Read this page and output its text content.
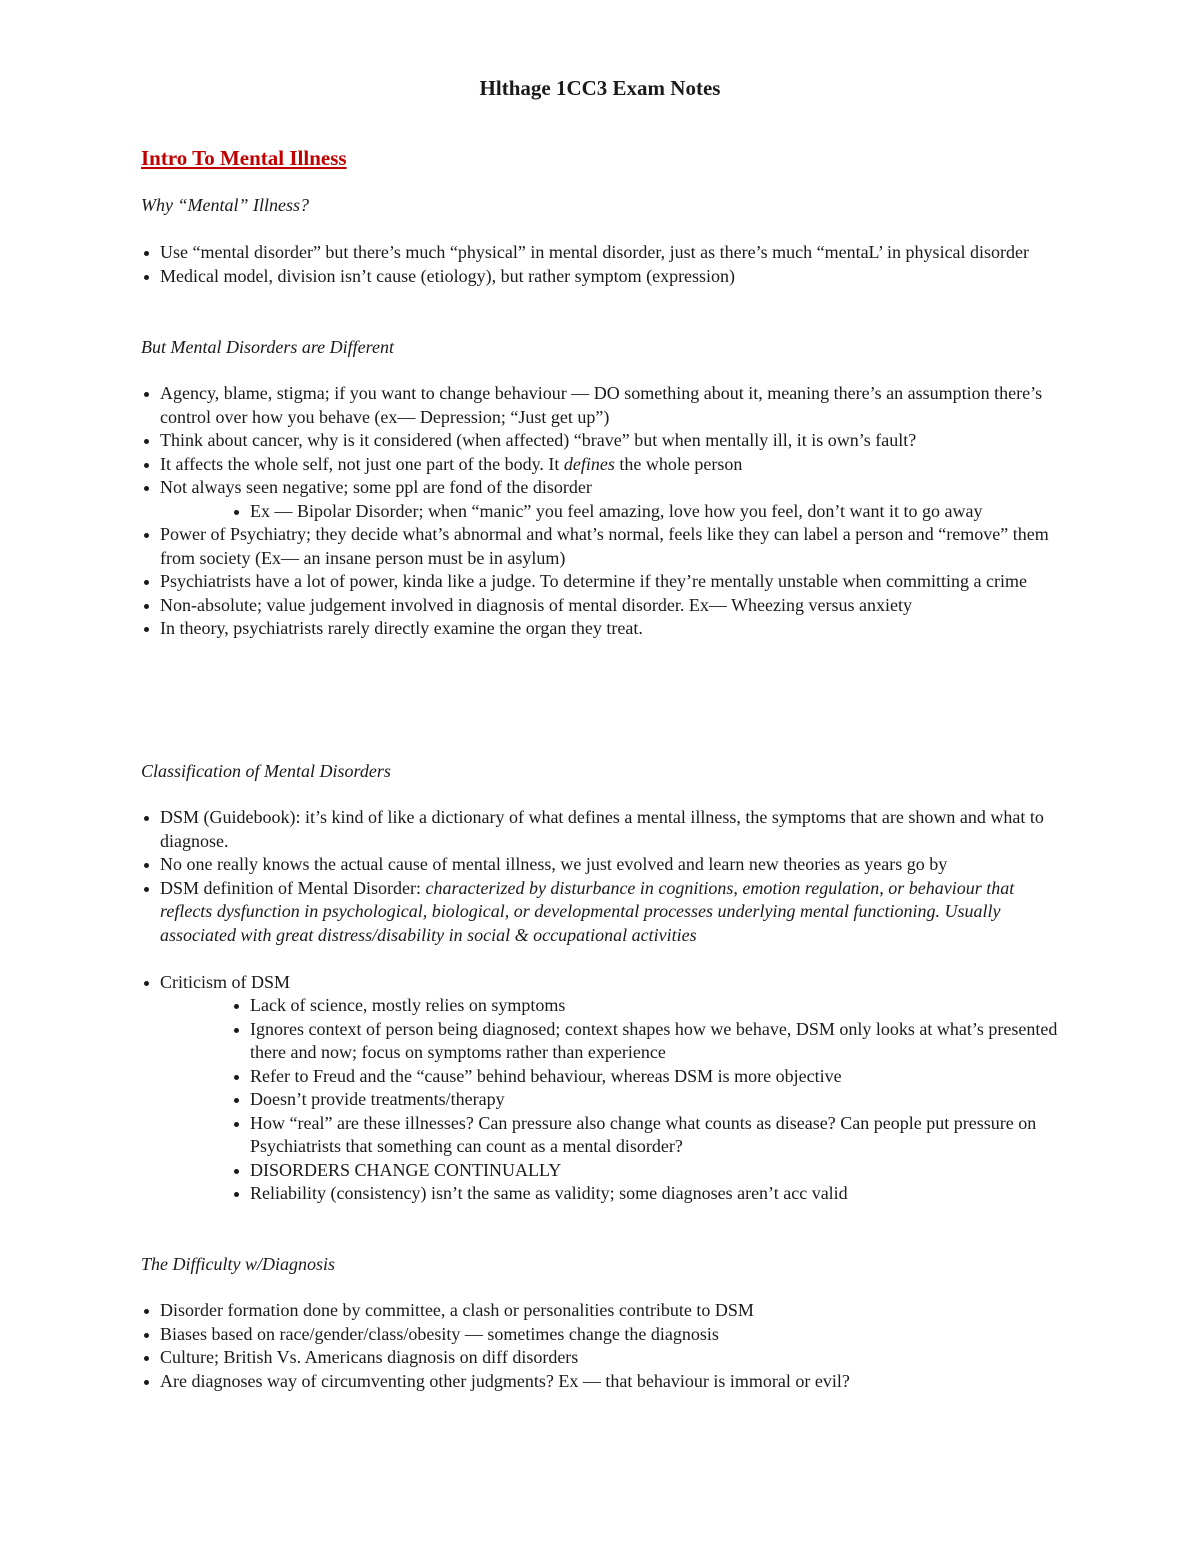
Hlthage 1CC3 Exam Notes
Intro To Mental Illness
Why “Mental” Illness?
Use “mental disorder” but there’s much “physical” in mental disorder, just as there’s much “mentaL’ in physical disorder
Medical model, division isn’t cause (etiology), but rather symptom (expression)
But Mental Disorders are Different
Agency, blame, stigma; if you want to change behaviour — DO something about it, meaning there’s an assumption there’s control over how you behave (ex— Depression; “Just get up”)
Think about cancer, why is it considered (when affected) “brave” but when mentally ill, it is own’s fault?
It affects the whole self, not just one part of the body. It defines the whole person
Not always seen negative; some ppl are fond of the disorder
Ex — Bipolar Disorder; when “manic” you feel amazing, love how you feel, don’t want it to go away
Power of Psychiatry; they decide what’s abnormal and what’s normal, feels like they can label a person and “remove” them from society (Ex— an insane person must be in asylum)
Psychiatrists have a lot of power, kinda like a judge. To determine if they’re mentally unstable when committing a crime
Non-absolute; value judgement involved in diagnosis of mental disorder. Ex— Wheezing versus anxiety
In theory, psychiatrists rarely directly examine the organ they treat.
Classification of Mental Disorders
DSM (Guidebook): it’s kind of like a dictionary of what defines a mental illness, the symptoms that are shown and what to diagnose.
No one really knows the actual cause of mental illness, we just evolved and learn new theories as years go by
DSM definition of Mental Disorder: characterized by disturbance in cognitions, emotion regulation, or behaviour that reflects dysfunction in psychological, biological, or developmental processes underlying mental functioning. Usually associated with great distress/disability in social & occupational activities
Criticism of DSM
Lack of science, mostly relies on symptoms
Ignores context of person being diagnosed; context shapes how we behave, DSM only looks at what’s presented there and now; focus on symptoms rather than experience
Refer to Freud and the “cause” behind behaviour, whereas DSM is more objective
Doesn’t provide treatments/therapy
How “real” are these illnesses? Can pressure also change what counts as disease? Can people put pressure on Psychiatrists that something can count as a mental disorder?
DISORDERS CHANGE CONTINUALLY
Reliability (consistency) isn’t the same as validity; some diagnoses aren’t acc valid
The Difficulty w/Diagnosis
Disorder formation done by committee, a clash or personalities contribute to DSM
Biases based on race/gender/class/obesity — sometimes change the diagnosis
Culture; British Vs. Americans diagnosis on diff disorders
Are diagnoses way of circumventing other judgments? Ex — that behaviour is immoral or evil?
